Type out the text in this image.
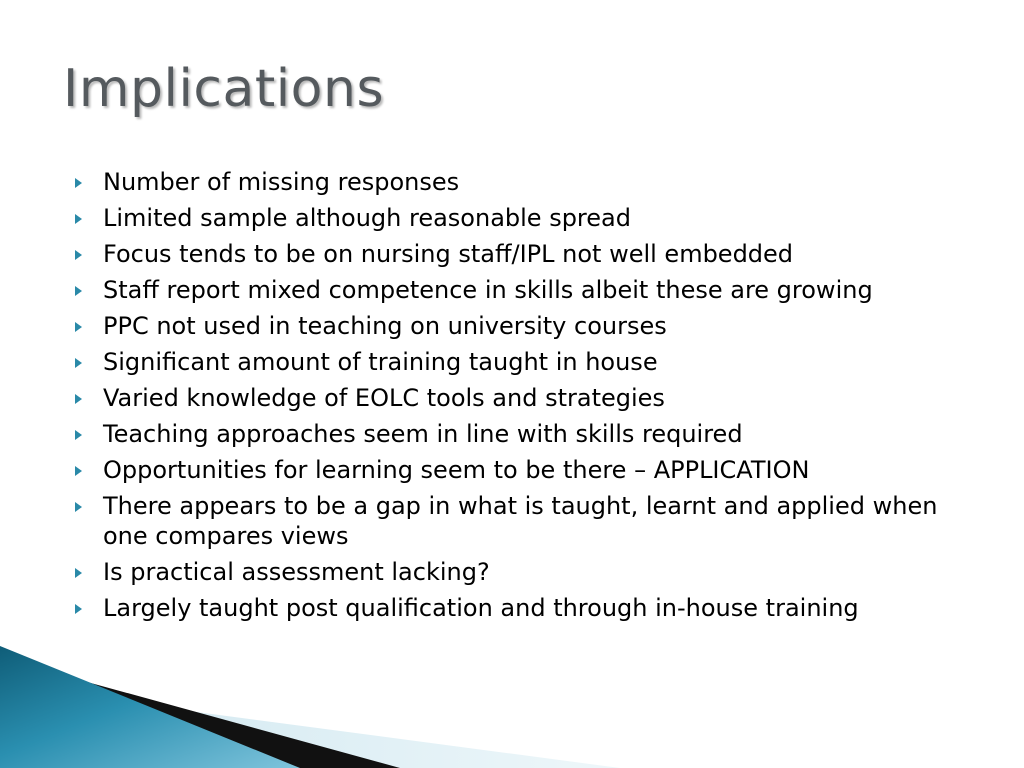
Implications
Number of missing responses
Limited sample although reasonable spread
Focus tends to be on nursing staff/IPL not well embedded
Staff report mixed competence in skills albeit these are growing
PPC not used in teaching on university courses
Significant amount of training taught in house
Varied knowledge of EOLC tools and strategies
Teaching approaches seem in line with skills required
Opportunities for learning seem to be there – APPLICATION
There appears to be a gap in what is taught, learnt and applied when one compares views
Is practical assessment lacking?
Largely taught post qualification and through in-house training
